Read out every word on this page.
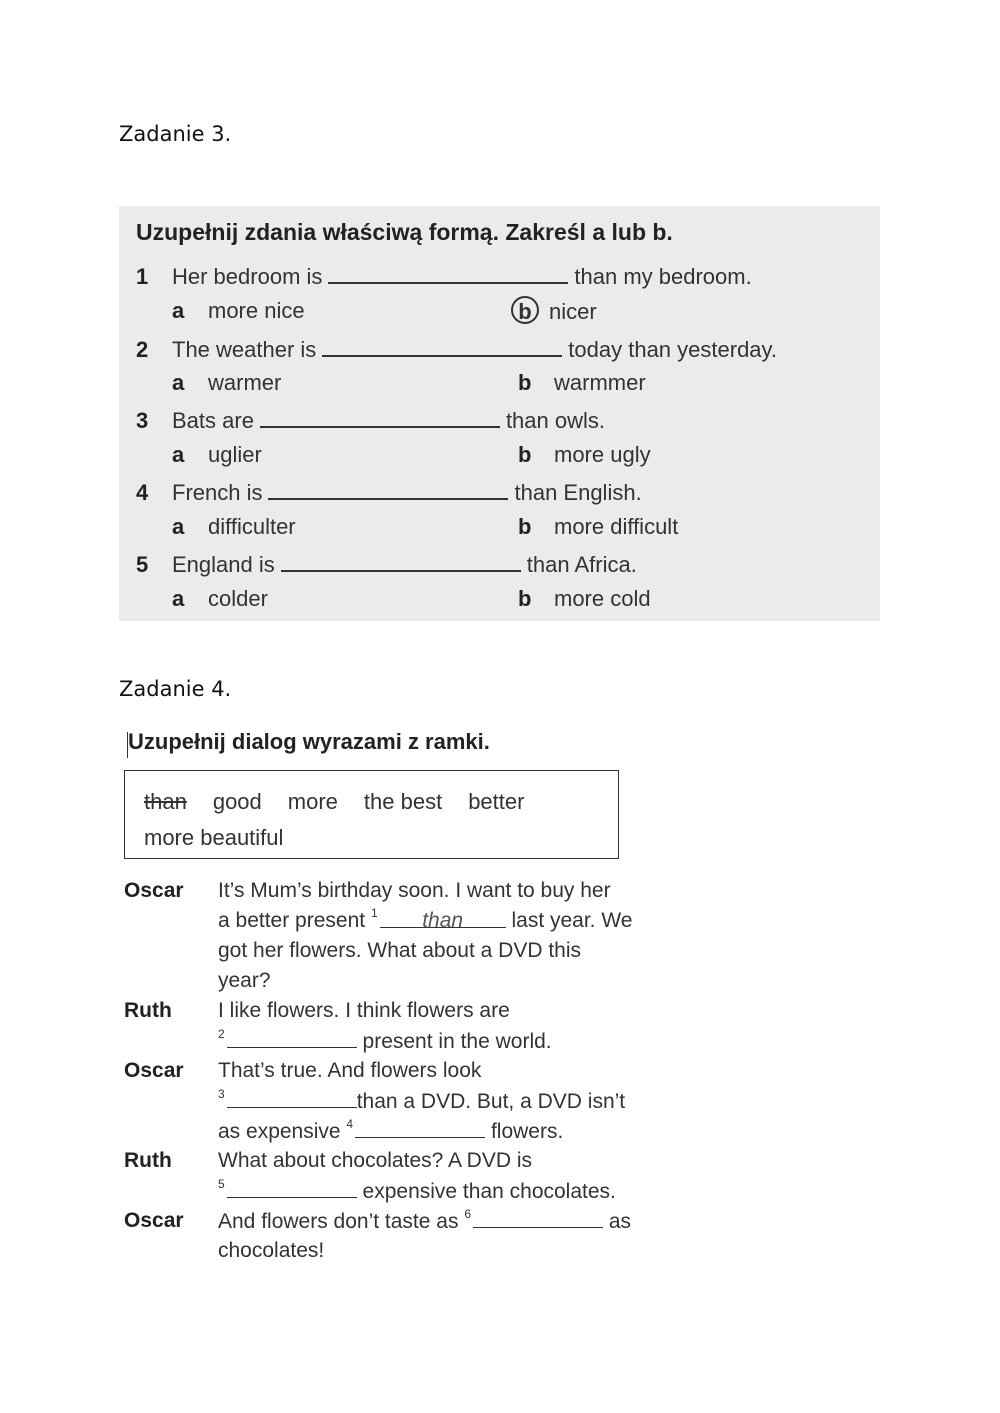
Zadanie 3.
Uzupełnij zdania właściwą formą. Zakreśl a lub b.
1 Her bedroom is	than my bedroom.
a more nice	b nicer
2 The weather is	today than yesterday.
a warmer	b warmmer
3 Bats are	than owls.
a uglier	b more ugly
4 French is	than English.
a difficulter	b more difficult
5 England is	than Africa.
a colder	b more cold
Zadanie 4.
Uzupełnij dialog wyrazami z ramki.
than good more the best better
more beautiful
Oscar It’s Mum’s birthday soon. I want to buy her
a better present $^1$ than last year. We
got her flowers. What about a DVD this
year?
Ruth I like flowers. I think flowers are
$^2$	present in the world.
Oscar That’s true. And flowers look
$^3$	than a DVD. But, a DVD isn’t
as expensive $^4$	flowers.
Ruth What about chocolates? A DVD is
$^5$	expensive than chocolates.
Oscar And flowers don’t taste as $^6$	as
chocolates!
